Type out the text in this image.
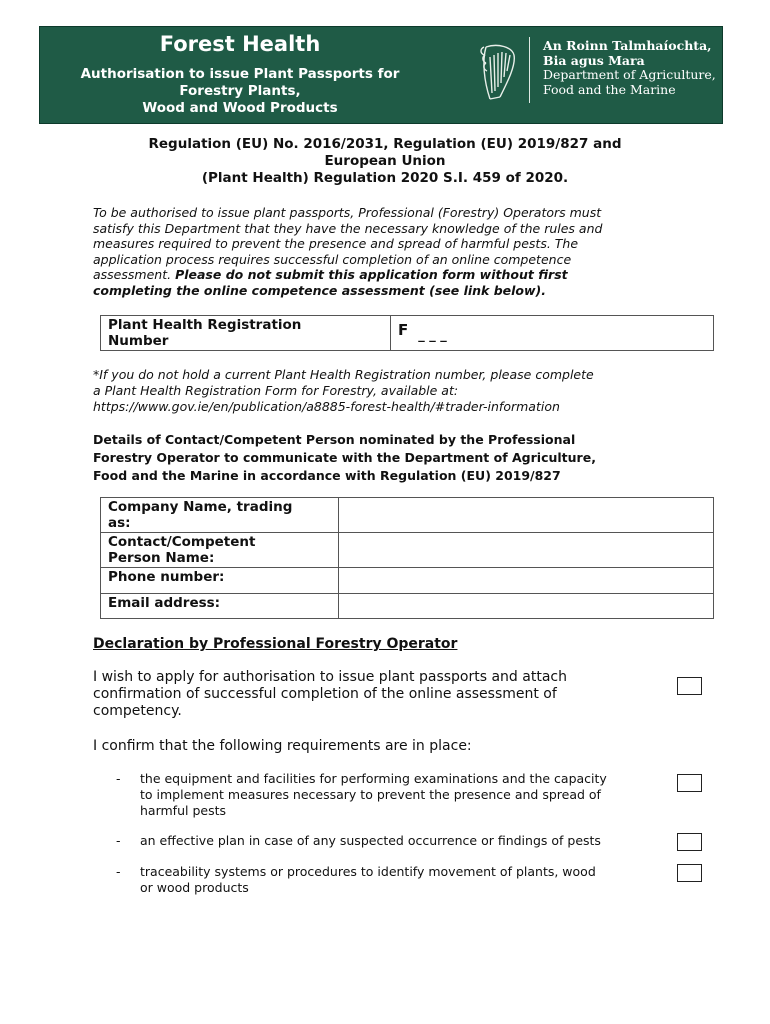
Forest Health
Authorisation to issue Plant Passports for
Forestry Plants,
Wood and Wood Products
An Roinn Talmhaíochta,
Bia agus Mara
Department of Agriculture,
Food and the Marine
Regulation (EU) No. 2016/2031, Regulation (EU) 2019/827 and
European Union
(Plant Health) Regulation 2020 S.I. 459 of 2020.
To be authorised to issue plant passports, Professional (Forestry) Operators must
satisfy this Department that they have the necessary knowledge of the rules and
measures required to prevent the presence and spread of harmful pests. The
application process requires successful completion of an online competence
assessment. Please do not submit this application form without first
completing the online competence assessment (see link below).
Plant Health Registration
Number
	F _ _ _
*If you do not hold a current Plant Health Registration number, please complete
a Plant Health Registration Form for Forestry, available at:
https://www.gov.ie/en/publication/a8885-forest-health/#trader-information
Details of Contact/Competent Person nominated by the Professional
Forestry Operator to communicate with the Department of Agriculture,
Food and the Marine in accordance with Regulation (EU) 2019/827
Company Name, trading
as:	

Contact/Competent
Person Name:	

Phone number:	

Email address:	

Declaration by Professional Forestry Operator
I wish to apply for authorisation to issue plant passports and attach
confirmation of successful completion of the online assessment of
competency.
I confirm that the following requirements are in place:
- the equipment and facilities for performing examinations and the capacity
to implement measures necessary to prevent the presence and spread of
harmful pests
- an effective plan in case of any suspected occurrence or findings of pests
- traceability systems or procedures to identify movement of plants, wood
or wood products
